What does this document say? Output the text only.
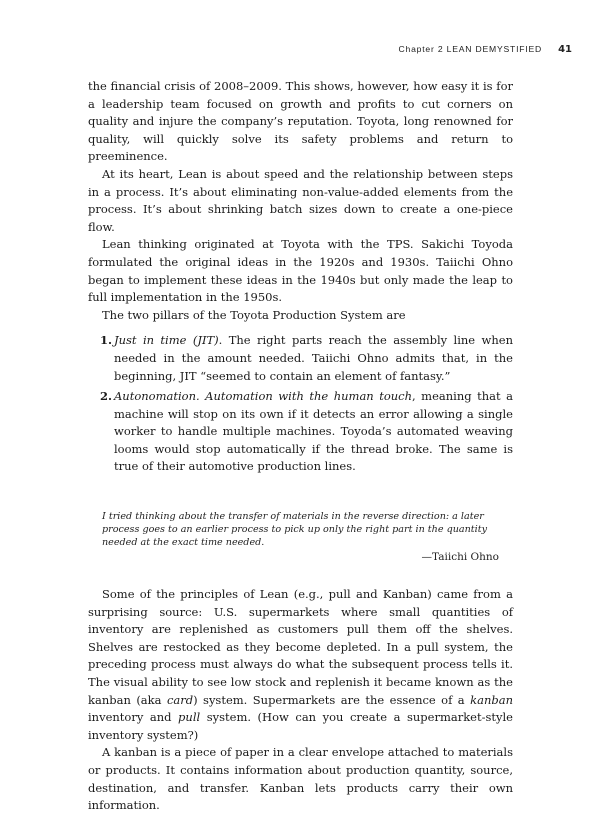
Chapter 2 LEAN DEMYSTIFIED 41

the financial crisis of 2008–2009. This shows, however, how easy it is for a leadership team focused on growth and profits to cut corners on quality and injure the company’s reputation. Toyota, long renowned for quality, will quickly solve its safety problems and return to preeminence.

At its heart, Lean is about speed and the relationship between steps in a process. It’s about eliminating non-value-added elements from the process. It’s about shrinking batch sizes down to create a one-piece flow.

Lean thinking originated at Toyota with the TPS. Sakichi Toyoda formulated the original ideas in the 1920s and 1930s. Taiichi Ohno began to implement these ideas in the 1940s but only made the leap to full implementation in the 1950s.

The two pillars of the Toyota Production System are

1. Just in time (JIT). The right parts reach the assembly line when needed in the amount needed. Taiichi Ohno admits that, in the beginning, JIT “seemed to contain an element of fantasy.”
2. Autonomation. Automation with the human touch, meaning that a machine will stop on its own if it detects an error allowing a single worker to handle multiple machines. Toyoda’s automated weaving looms would stop automatically if the thread broke. The same is true of their automotive production lines.
I tried thinking about the transfer of materials in the reverse direction: a later process goes to an earlier process to pick up only the right part in the quantity needed at the exact time needed.
—Taiichi Ohno

Some of the principles of Lean (e.g., pull and Kanban) came from a surprising source: U.S. supermarkets where small quantities of inventory are replenished as customers pull them off the shelves. Shelves are restocked as they become depleted. In a pull system, the preceding process must always do what the subsequent process tells it. The visual ability to see low stock and replenish it became known as the kanban (aka card) system. Supermarkets are the essence of a kanban inventory and pull system. (How can you create a supermarket-style inventory system?)

A kanban is a piece of paper in a clear envelope attached to materials or products. It contains information about production quantity, source, destination, and transfer. Kanban lets products carry their own information.
